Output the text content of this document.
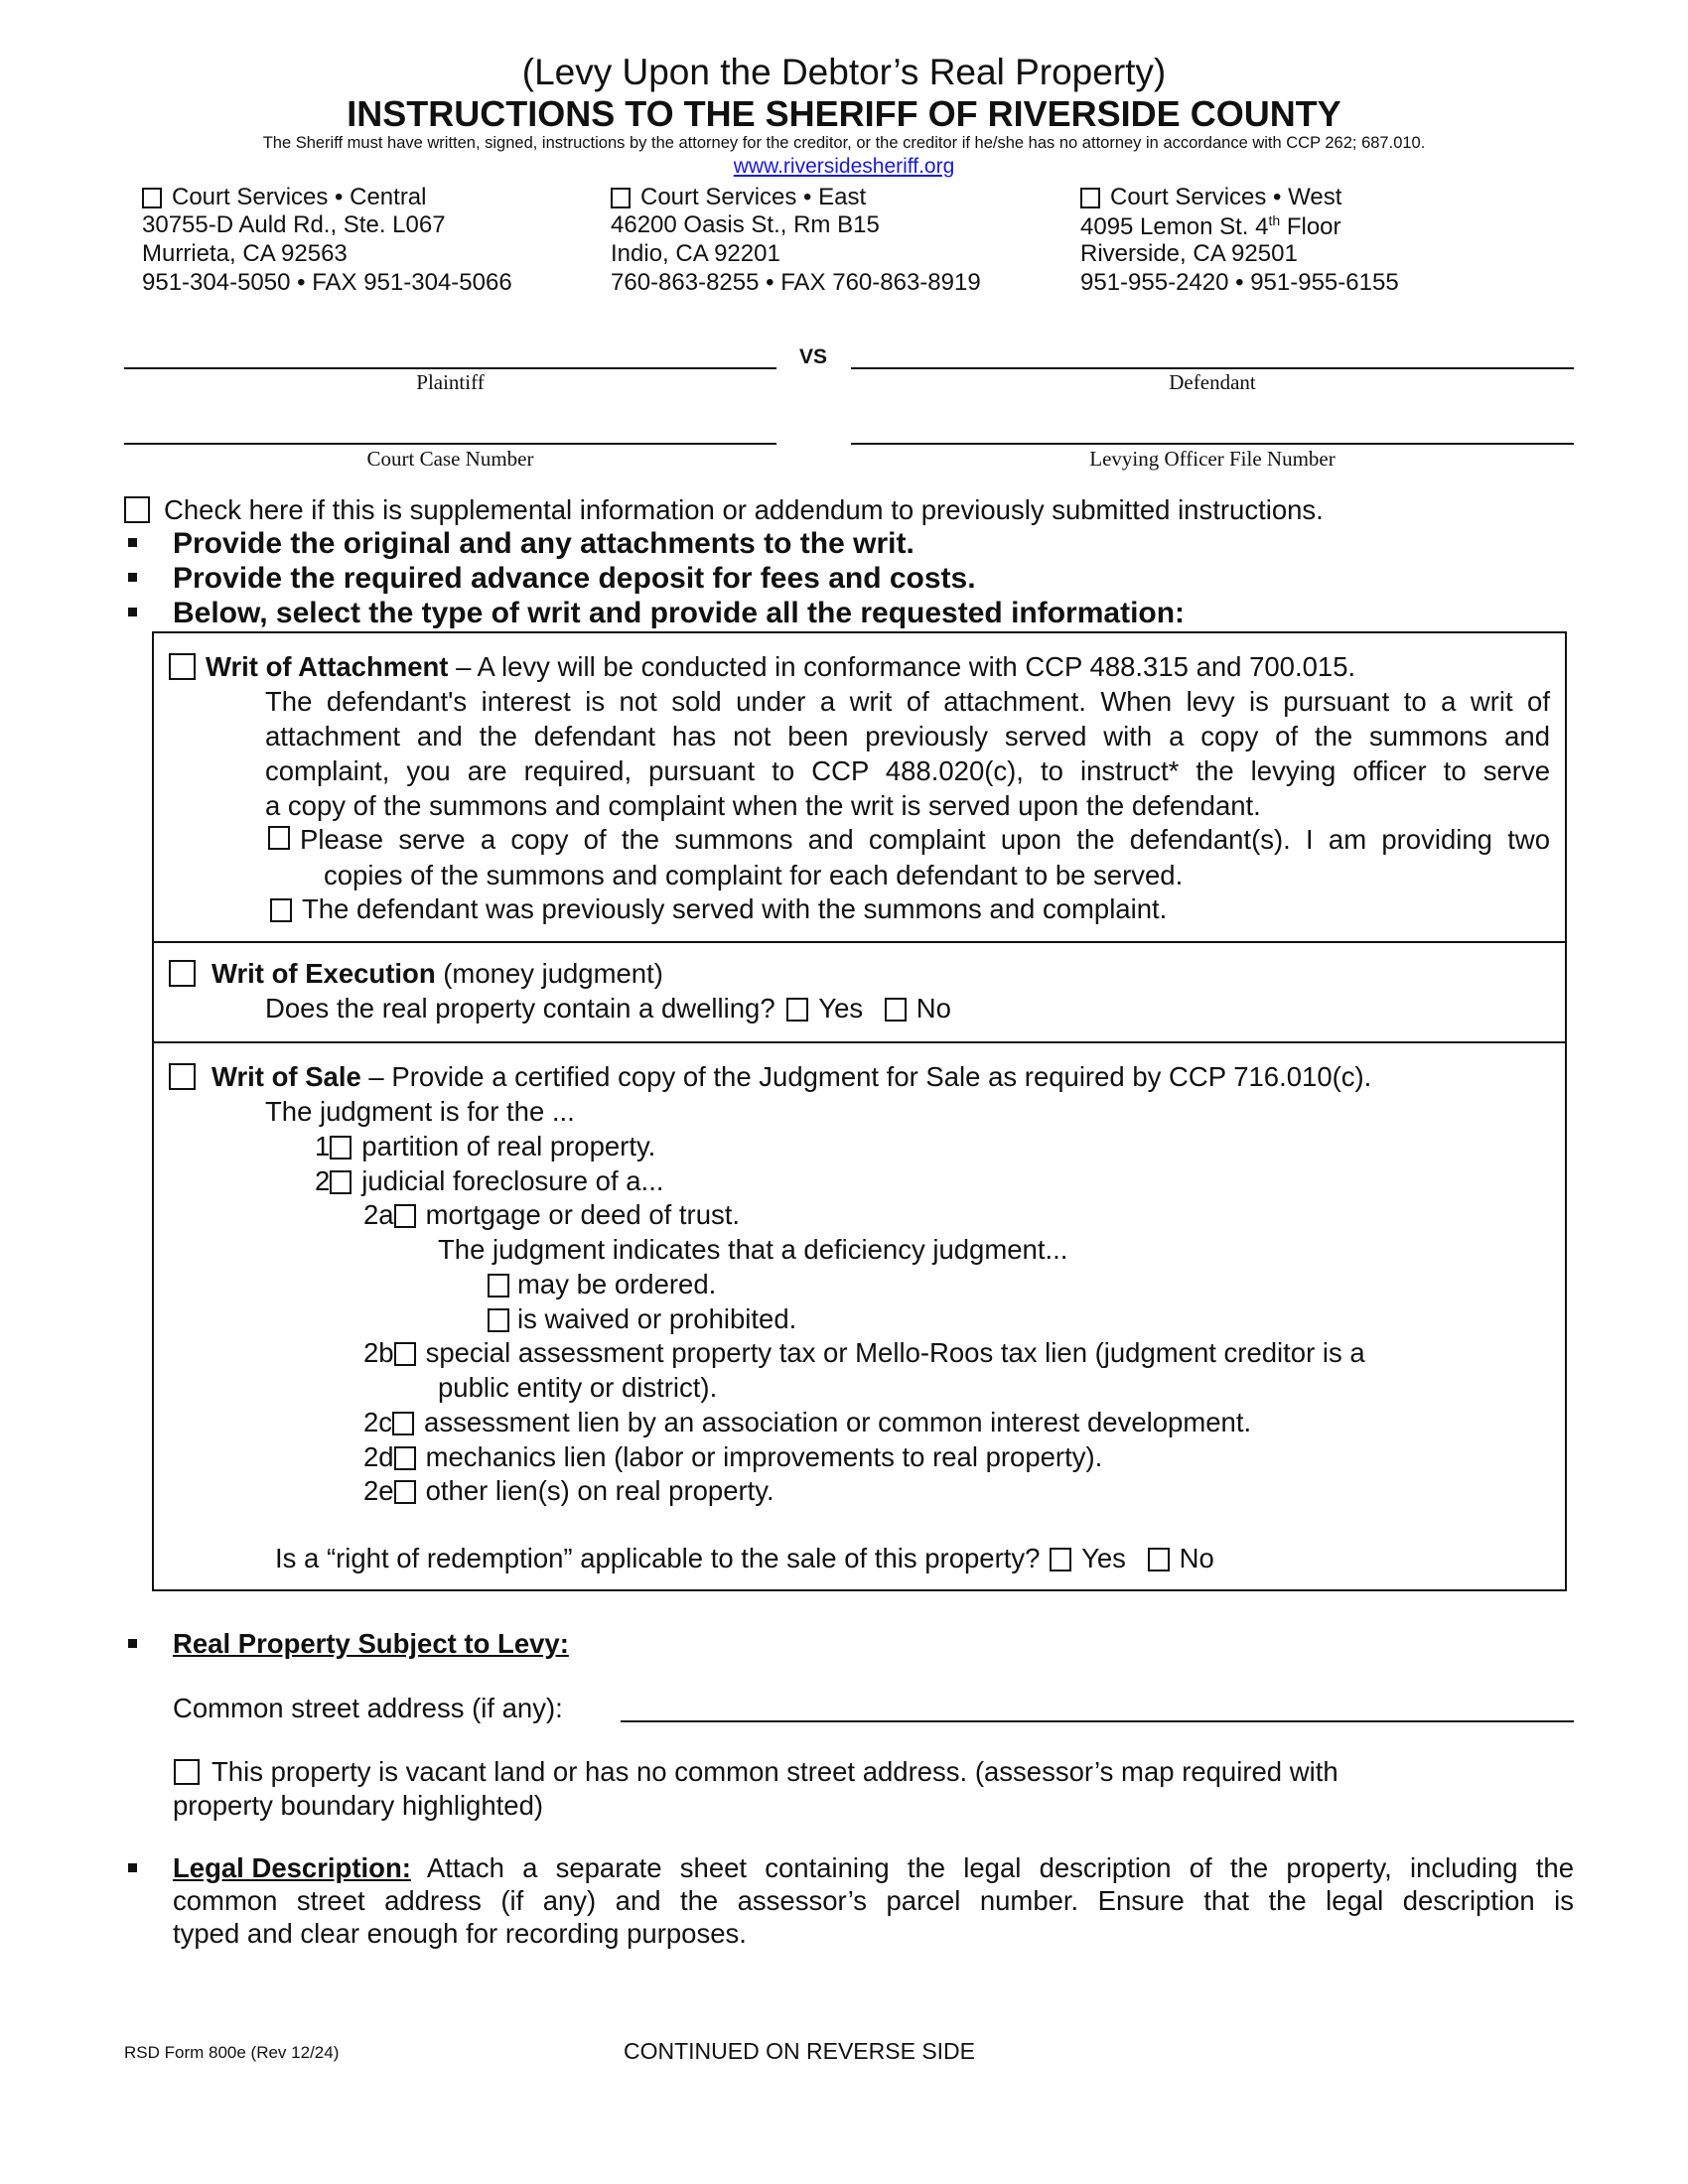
(Levy Upon the Debtor’s Real Property)
INSTRUCTIONS TO THE SHERIFF OF RIVERSIDE COUNTY
The Sheriff must have written, signed, instructions by the attorney for the creditor, or the creditor if he/she has no attorney in accordance with CCP 262; 687.010.
www.riversidesheriff.org
Court Services • Central
30755-D Auld Rd., Ste. L067
Murrieta, CA 92563
951-304-5050 • FAX 951-304-5066
Court Services • East
46200 Oasis St., Rm B15
Indio, CA 92201
760-863-8255 • FAX 760-863-8919
Court Services • West
4095 Lemon St. 4th Floor
Riverside, CA 92501
951-955-2420 • 951-955-6155
VS
Plaintiff	Defendant
Court Case Number	Levying Officer File Number
Check here if this is supplemental information or addendum to previously submitted instructions.
Provide the original and any attachments to the writ.
Provide the required advance deposit for fees and costs.
Below, select the type of writ and provide all the requested information:
Writ of Attachment – A levy will be conducted in conformance with CCP 488.315 and 700.015.
The defendant's interest is not sold under a writ of attachment. When levy is pursuant to a writ of
attachment and the defendant has not been previously served with a copy of the summons and
complaint, you are required, pursuant to CCP 488.020(c), to instruct* the levying officer to serve
a copy of the summons and complaint when the writ is served upon the defendant.
Please serve a copy of the summons and complaint upon the defendant(s). I am providing two
copies of the summons and complaint for each defendant to be served.
The defendant was previously served with the summons and complaint.
Writ of Execution (money judgment)
Does the real property contain a dwelling? Yes No
Writ of Sale – Provide a certified copy of the Judgment for Sale as required by CCP 716.010(c).
The judgment is for the ...
1 partition of real property.
2 judicial foreclosure of a...
2a mortgage or deed of trust.
The judgment indicates that a deficiency judgment...
may be ordered.
is waived or prohibited.
2b special assessment property tax or Mello-Roos tax lien (judgment creditor is a
public entity or district).
2c assessment lien by an association or common interest development.
2d mechanics lien (labor or improvements to real property).
2e other lien(s) on real property.
Is a “right of redemption” applicable to the sale of this property? Yes No
Real Property Subject to Levy:
Common street address (if any):
This property is vacant land or has no common street address. (assessor’s map required with
property boundary highlighted)
Legal Description: Attach a separate sheet containing the legal description of the property, including the
common street address (if any) and the assessor’s parcel number. Ensure that the legal description is
typed and clear enough for recording purposes.
RSD Form 800e (Rev 12/24)	CONTINUED ON REVERSE SIDE
